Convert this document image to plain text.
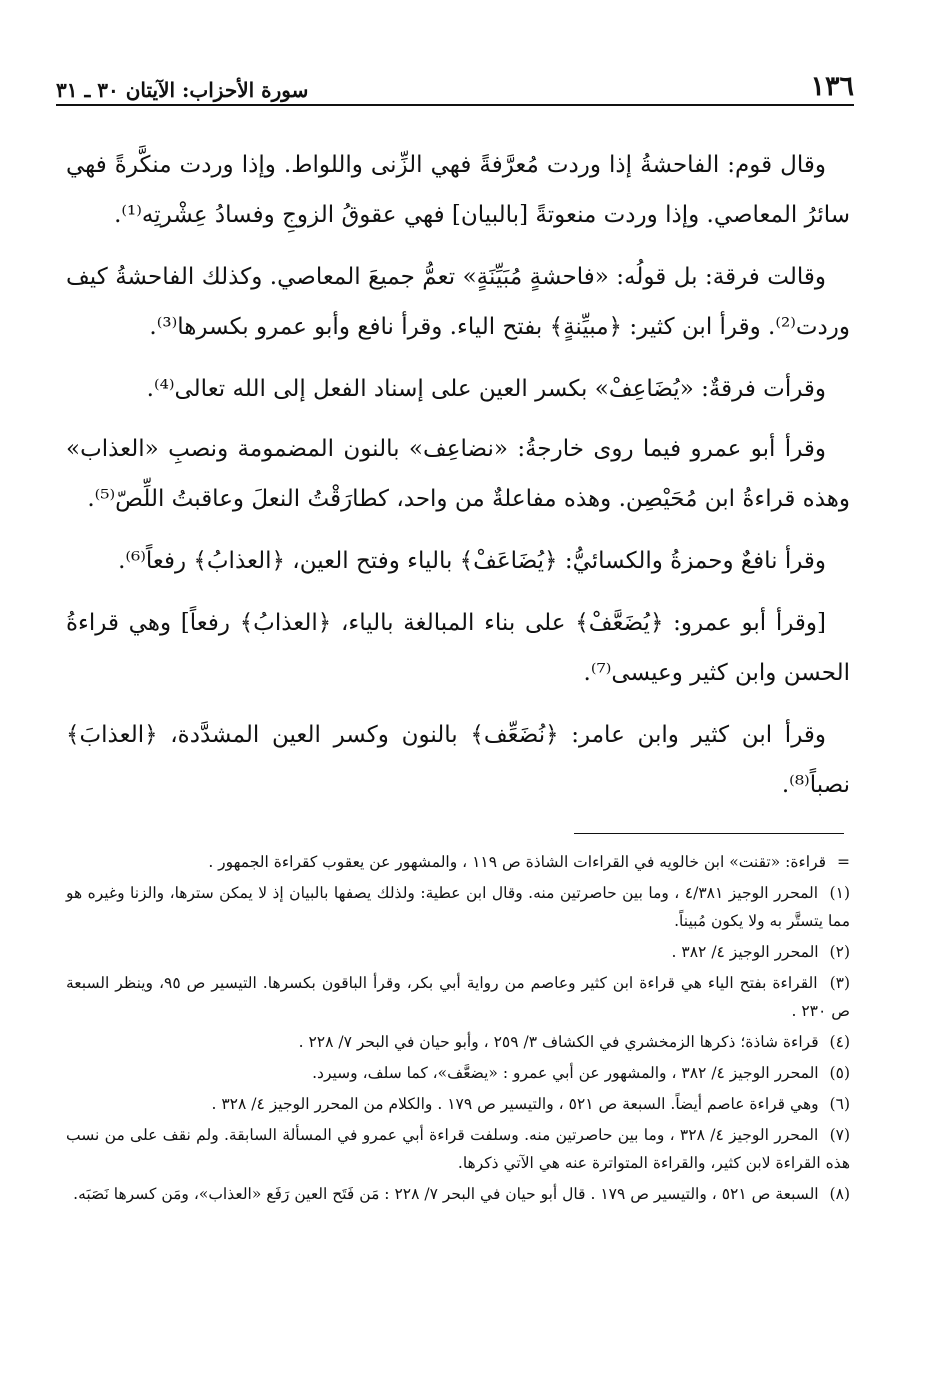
١٣٦
سورة الأحزاب: الآيتان ٣٠ ـ ٣١

وقال قوم: الفاحشةُ إذا وردت مُعرَّفةً فهي الزِّنى واللواط. وإذا وردت منكَّرةً فهي سائرُ المعاصي. وإذا وردت منعوتةً [بالبيان] فهي عقوقُ الزوجِ وفسادُ عِشْرتِه⁽¹⁾.

وقالت فرقة: بل قولُه: «فاحشةٍ مُبَيِّنَةٍ» تعمُّ جميعَ المعاصي. وكذلك الفاحشةُ كيف وردت⁽²⁾. وقرأ ابن كثير: ﴿مبيِّنةٍ﴾ بفتح الياء. وقرأ نافع وأبو عمرو بكسرها⁽³⁾.

وقرأت فرقةٌ: «يُضَاعِفْ» بكسر العين على إسناد الفعل إلى الله تعالى⁽⁴⁾.

وقرأ أبو عمرو فيما روى خارجةُ: «نضاعِف» بالنون المضمومة ونصبِ «العذاب» وهذه قراءةُ ابن مُحَيْصِن. وهذه مفاعلةٌ من واحد، كطارَقْتُ النعلَ وعاقبتُ اللِّصّ⁽⁵⁾.

وقرأ نافعٌ وحمزةُ والكسائيُّ: ﴿يُضَاعَفْ﴾ بالياء وفتح العين، ﴿العذابُ﴾ رفعاً⁽⁶⁾.

[وقرأ أبو عمرو: ﴿يُضَعَّفْ﴾ على بناء المبالغة بالياء، ﴿العذابُ﴾ رفعاً] وهي قراءةُ الحسن وابن كثير وعيسى⁽⁷⁾.

وقرأ ابن كثير وابن عامر: ﴿نُضَعِّف﴾ بالنون وكسر العين المشدَّدة، ﴿العذابَ﴾ نصباً⁽⁸⁾.

= قراءة: «تقنت» ابن خالويه في القراءات الشاذة ص ١١٩ ، والمشهور عن يعقوب كقراءة الجمهور .
(١) المحرر الوجيز ٤/٣٨١ ، وما بين حاصرتين منه. وقال ابن عطية: ولذلك يصفها بالبيان إذ لا يمكن سترها، والزنا وغيره هو مما يتستَّر به ولا يكون مُبيناً.
(٢) المحرر الوجيز ٤/ ٣٨٢ .
(٣) القراءة بفتح الياء هي قراءة ابن كثير وعاصم من رواية أبي بكر، وقرأ الباقون بكسرها. التيسير ص ٩٥، وينظر السبعة ص ٢٣٠ .
(٤) قراءة شاذة؛ ذكرها الزمخشري في الكشاف ٣/ ٢٥٩ ، وأبو حيان في البحر ٧/ ٢٢٨ .
(٥) المحرر الوجيز ٤/ ٣٨٢ ، والمشهور عن أبي عمرو : «يضعَّف»، كما سلف، وسيرد.
(٦) وهي قراءة عاصم أيضاً. السبعة ص ٥٢١ ، والتيسير ص ١٧٩ . والكلام من المحرر الوجيز ٤/ ٣٢٨ .
(٧) المحرر الوجيز ٤/ ٣٢٨ ، وما بين حاصرتين منه. وسلفت قراءة أبي عمرو في المسألة السابقة. ولم نقف على من نسب هذه القراءة لابن كثير، والقراءة المتواترة عنه هي الآتي ذكرها.
(٨) السبعة ص ٥٢١ ، والتيسير ص ١٧٩ . قال أبو حيان في البحر ٧/ ٢٢٨ : مَن فَتَح العين رَفَع «العذاب»، ومَن كسرها نَصَبَه.
